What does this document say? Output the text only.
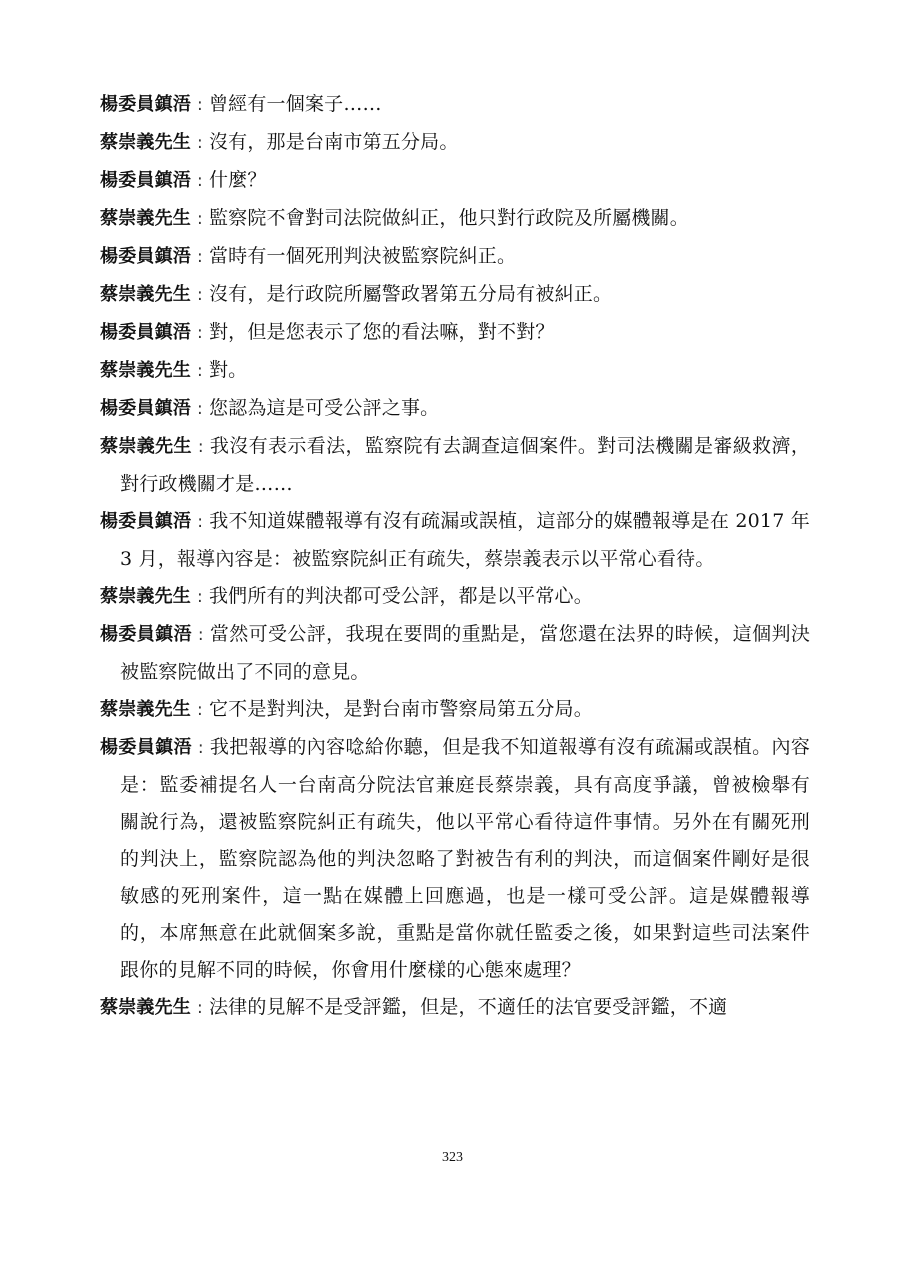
楊委員鎮浯 : 曾經有一個案子……
蔡崇義先生 : 沒有，那是台南市第五分局。
楊委員鎮浯 : 什麼？
蔡崇義先生 : 監察院不會對司法院做糾正，他只對行政院及所屬機關。
楊委員鎮浯 : 當時有一個死刑判決被監察院糾正。
蔡崇義先生 : 沒有，是行政院所屬警政署第五分局有被糾正。
楊委員鎮浯 : 對，但是您表示了您的看法嘛，對不對？
蔡崇義先生 : 對。
楊委員鎮浯 : 您認為這是可受公評之事。
蔡崇義先生 : 我沒有表示看法，監察院有去調查這個案件。對司法機關是審級救濟，對行政機關才是……
楊委員鎮浯 : 我不知道媒體報導有沒有疏漏或誤植，這部分的媒體報導是在 2017 年 3 月，報導內容是：被監察院糾正有疏失，蔡崇義表示以平常心看待。
蔡崇義先生 : 我們所有的判決都可受公評，都是以平常心。
楊委員鎮浯 : 當然可受公評，我現在要問的重點是，當您還在法界的時候，這個判決被監察院做出了不同的意見。
蔡崇義先生 : 它不是對判決，是對台南市警察局第五分局。
楊委員鎮浯 : 我把報導的內容唸給你聽，但是我不知道報導有沒有疏漏或誤植。內容是：監委補提名人一台南高分院法官兼庭長蔡崇義，具有高度爭議，曾被檢舉有關說行為，還被監察院糾正有疏失，他以平常心看待這件事情。另外在有關死刑的判決上，監察院認為他的判決忽略了對被告有利的判決，而這個案件剛好是很敏感的死刑案件，這一點在媒體上回應過，也是一樣可受公評。這是媒體報導的，本席無意在此就個案多說，重點是當你就任監委之後，如果對這些司法案件跟你的見解不同的時候，你會用什麼樣的心態來處理？
蔡崇義先生 : 法律的見解不是受評鑑，但是，不適任的法官要受評鑑，不適
323
